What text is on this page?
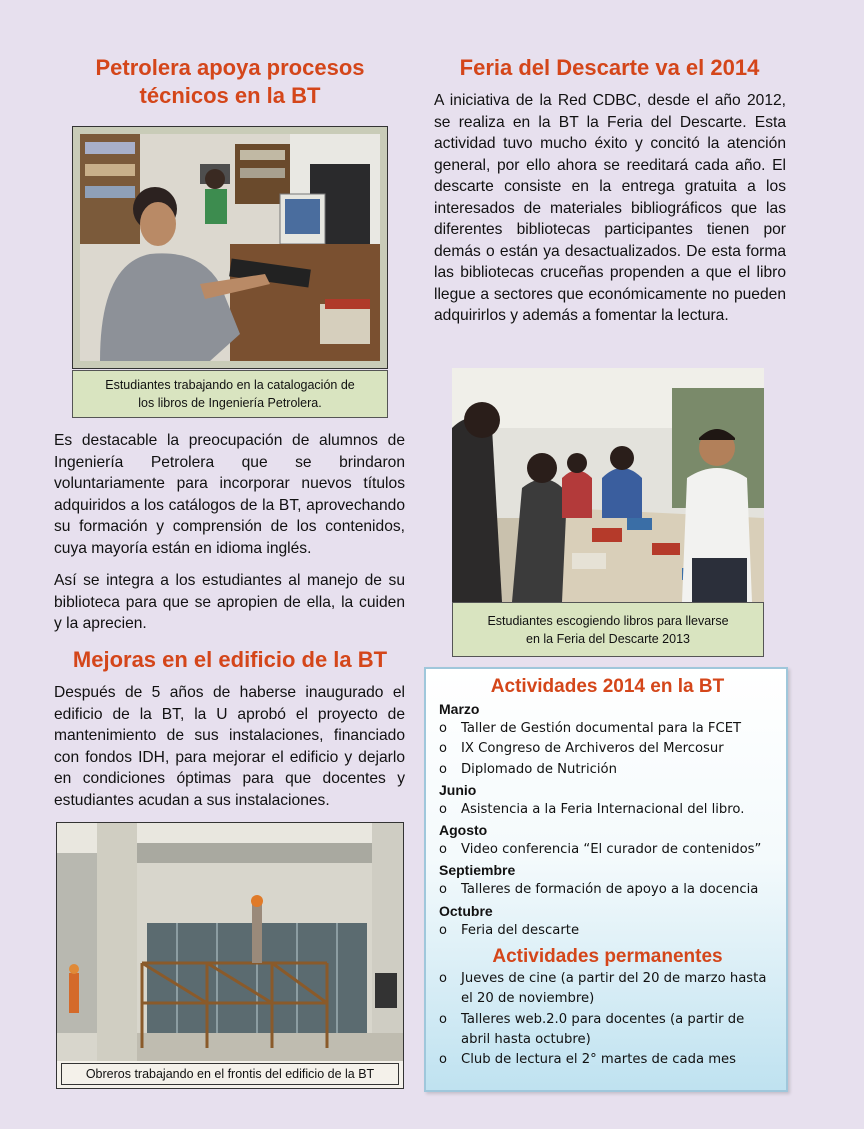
Petrolera apoya procesos
técnicos en la BT
Estudiantes trabajando en la catalogación de
los libros de Ingeniería Petrolera.

Es destacable la preocupación de alumnos de Ingeniería Petrolera que se brindaron voluntariamente para incorporar nuevos títulos adquiridos a los catálogos de la BT, aprovechando su formación y comprensión de los contenidos, cuya mayoría están en idioma inglés.

Así se integra a los estudiantes al manejo de su biblioteca para que se apropien de ella, la cuiden y la aprecien.

Mejoras en el edificio de la BT

Después de 5 años de haberse inaugurado el edificio de la BT, la U aprobó el proyecto de mantenimiento de sus instalaciones, financiado con fondos IDH, para mejorar el edificio y dejarlo en condiciones óptimas para que docentes y estudiantes acudan a sus instalaciones.

Obreros trabajando en el frontis del edificio de la BT
Feria del Descarte va el 2014

A iniciativa de la Red CDBC, desde el año 2012, se realiza en la BT la Feria del Descarte. Esta actividad tuvo mucho éxito y concitó la atención general, por ello ahora se reeditará cada año. El descarte consiste en la entrega gratuita a los interesados de materiales bibliográficos que las diferentes bibliotecas participantes tienen por demás o están ya desactualizados. De esta forma las bibliotecas cruceñas propenden a que el libro llegue a sectores que económicamente no pueden adquirirlos y además a fomentar la lectura.

Estudiantes escogiendo libros para llevarse
en la Feria del Descarte 2013
Actividades 2014 en la BT
Marzo
o Taller de Gestión documental para la FCET
o IX Congreso de Archiveros del Mercosur
o Diplomado de Nutrición
Junio
o Asistencia a la Feria Internacional del libro.
Agosto
o Video conferencia “El curador de contenidos”
Septiembre
o Talleres de formación de apoyo a la docencia
Octubre
o Feria del descarte
Actividades permanentes
o Jueves de cine (a partir del 20 de marzo hasta el 20 de noviembre)
o Talleres web.2.0 para docentes (a partir de abril hasta octubre)
o Club de lectura el 2° martes de cada mes
